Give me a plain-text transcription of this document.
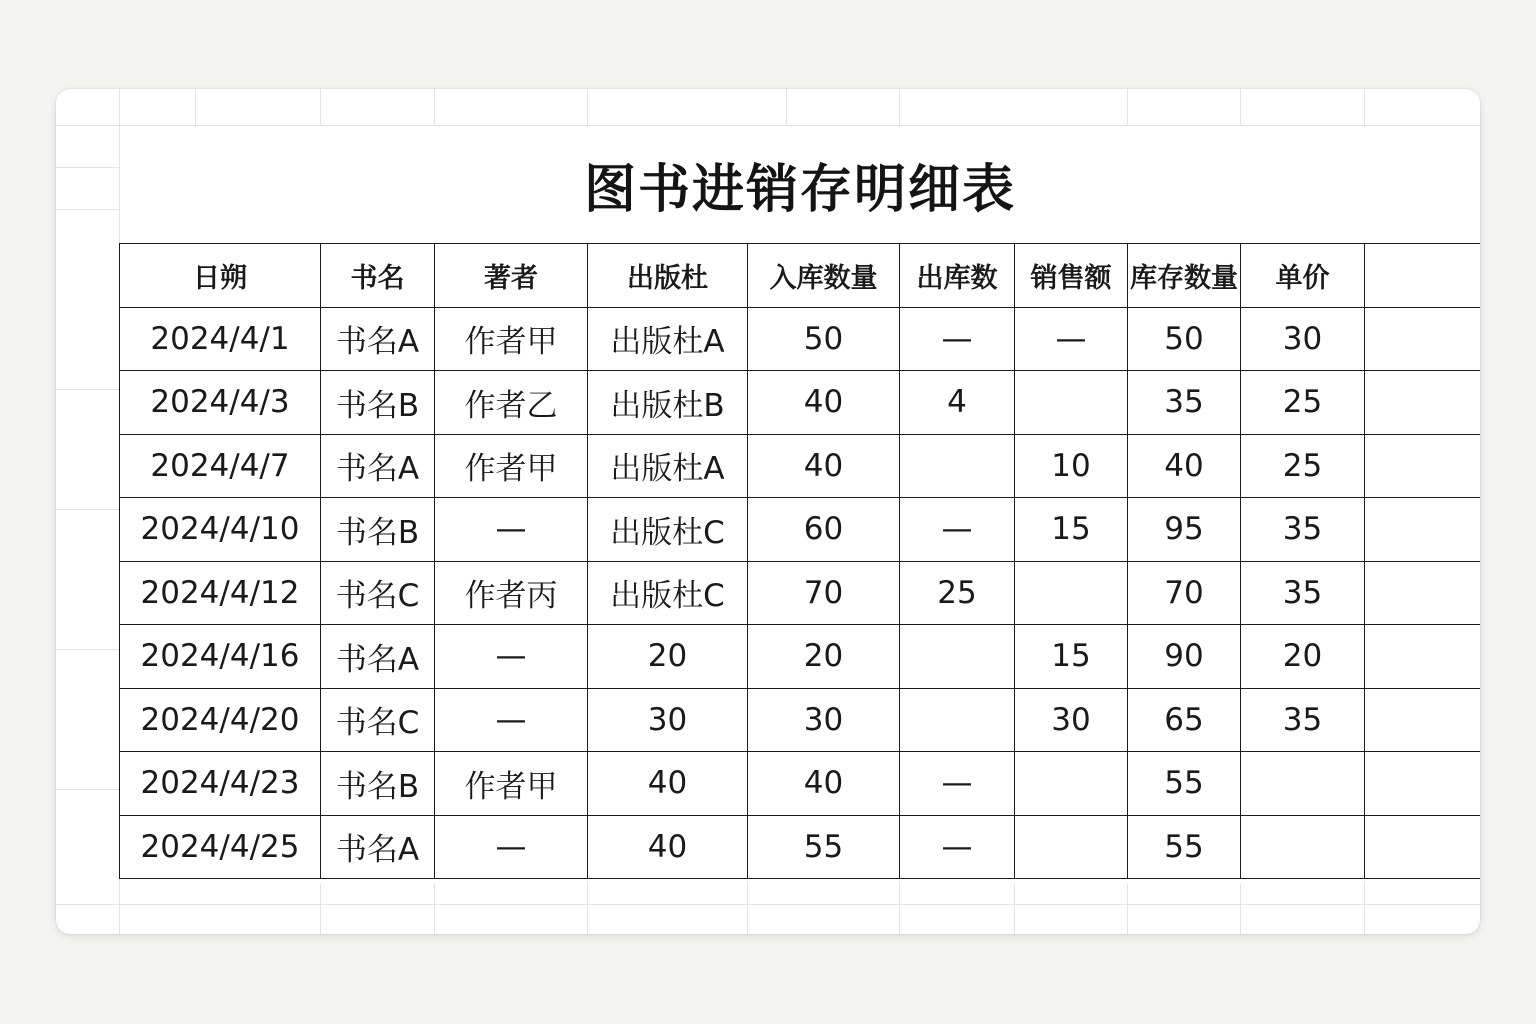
图书进销存明细表
日朔	书名	著者	出版杜	入库数量	出库数	销售额	库存数量	单价	
2024/4/1	书名A	作者甲	出版杜A	50	—	—	50	30	
2024/4/3	书名B	作者乙	出版杜B	40	4		35	25	
2024/4/7	书名A	作者甲	出版杜A	40		10	40	25	
2024/4/10	书名B	—	出版杜C	60	—	15	95	35	
2024/4/12	书名C	作者丙	出版杜C	70	25		70	35	
2024/4/16	书名A	—	20	20		15	90	20	
2024/4/20	书名C	—	30	30		30	65	35	
2024/4/23	书名B	作者甲	40	40	—		55		
2024/4/25	书名A	—	40	55	—		55		
